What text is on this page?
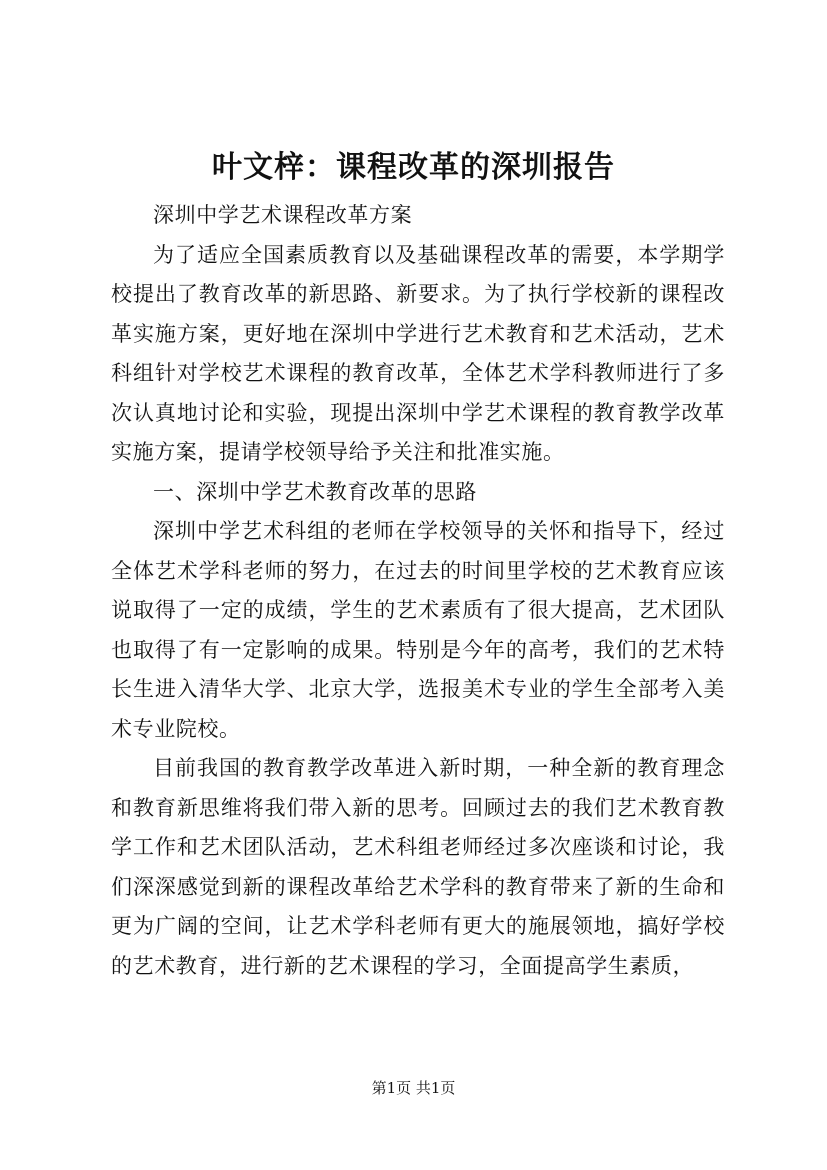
叶文梓：课程改革的深圳报告

深圳中学艺术课程改革方案

为了适应全国素质教育以及基础课程改革的需要，本学期学校提出了教育改革的新思路、新要求。为了执行学校新的课程改革实施方案，更好地在深圳中学进行艺术教育和艺术活动，艺术科组针对学校艺术课程的教育改革，全体艺术学科教师进行了多次认真地讨论和实验，现提出深圳中学艺术课程的教育教学改革实施方案，提请学校领导给予关注和批准实施。

一、深圳中学艺术教育改革的思路

深圳中学艺术科组的老师在学校领导的关怀和指导下，经过全体艺术学科老师的努力，在过去的时间里学校的艺术教育应该说取得了一定的成绩，学生的艺术素质有了很大提高，艺术团队也取得了有一定影响的成果。特别是今年的高考，我们的艺术特长生进入清华大学、北京大学，选报美术专业的学生全部考入美术专业院校。

目前我国的教育教学改革进入新时期，一种全新的教育理念和教育新思维将我们带入新的思考。回顾过去的我们艺术教育教学工作和艺术团队活动，艺术科组老师经过多次座谈和讨论，我们深深感觉到新的课程改革给艺术学科的教育带来了新的生命和更为广阔的空间，让艺术学科老师有更大的施展领地，搞好学校的艺术教育，进行新的艺术课程的学习，全面提高学生素质，

第1页 共1页
